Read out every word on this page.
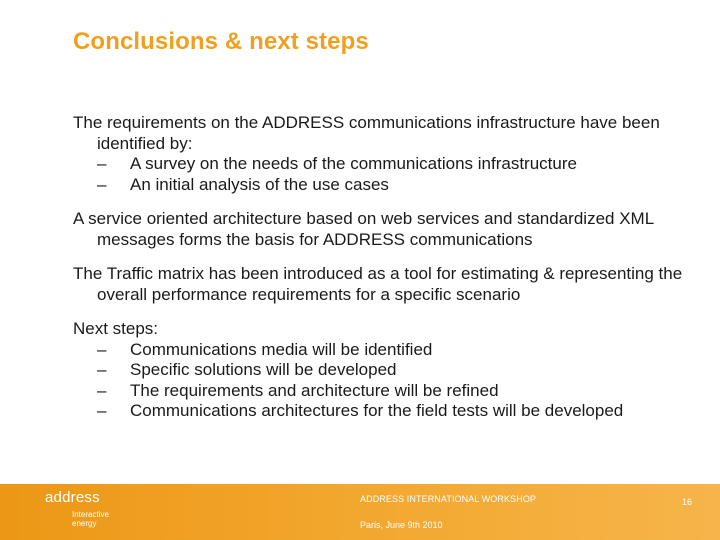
Conclusions & next steps

The requirements on the ADDRESS communications infrastructure have been identified by:

–A survey on the needs of the communications infrastructure

–An initial analysis of the use cases

A service oriented architecture based on web services and standardized XML messages forms the basis for ADDRESS communications

The Traffic matrix has been introduced as a tool for estimating & representing the overall performance requirements for a specific scenario

Next steps:

–Communications media will be identified

–Specific solutions will be developed

–The requirements and architecture will be refined

–Communications architectures for the field tests will be developed

address
Interactive energy
ADDRESS INTERNATIONAL WORKSHOP
Paris, June 9th 2010
16
